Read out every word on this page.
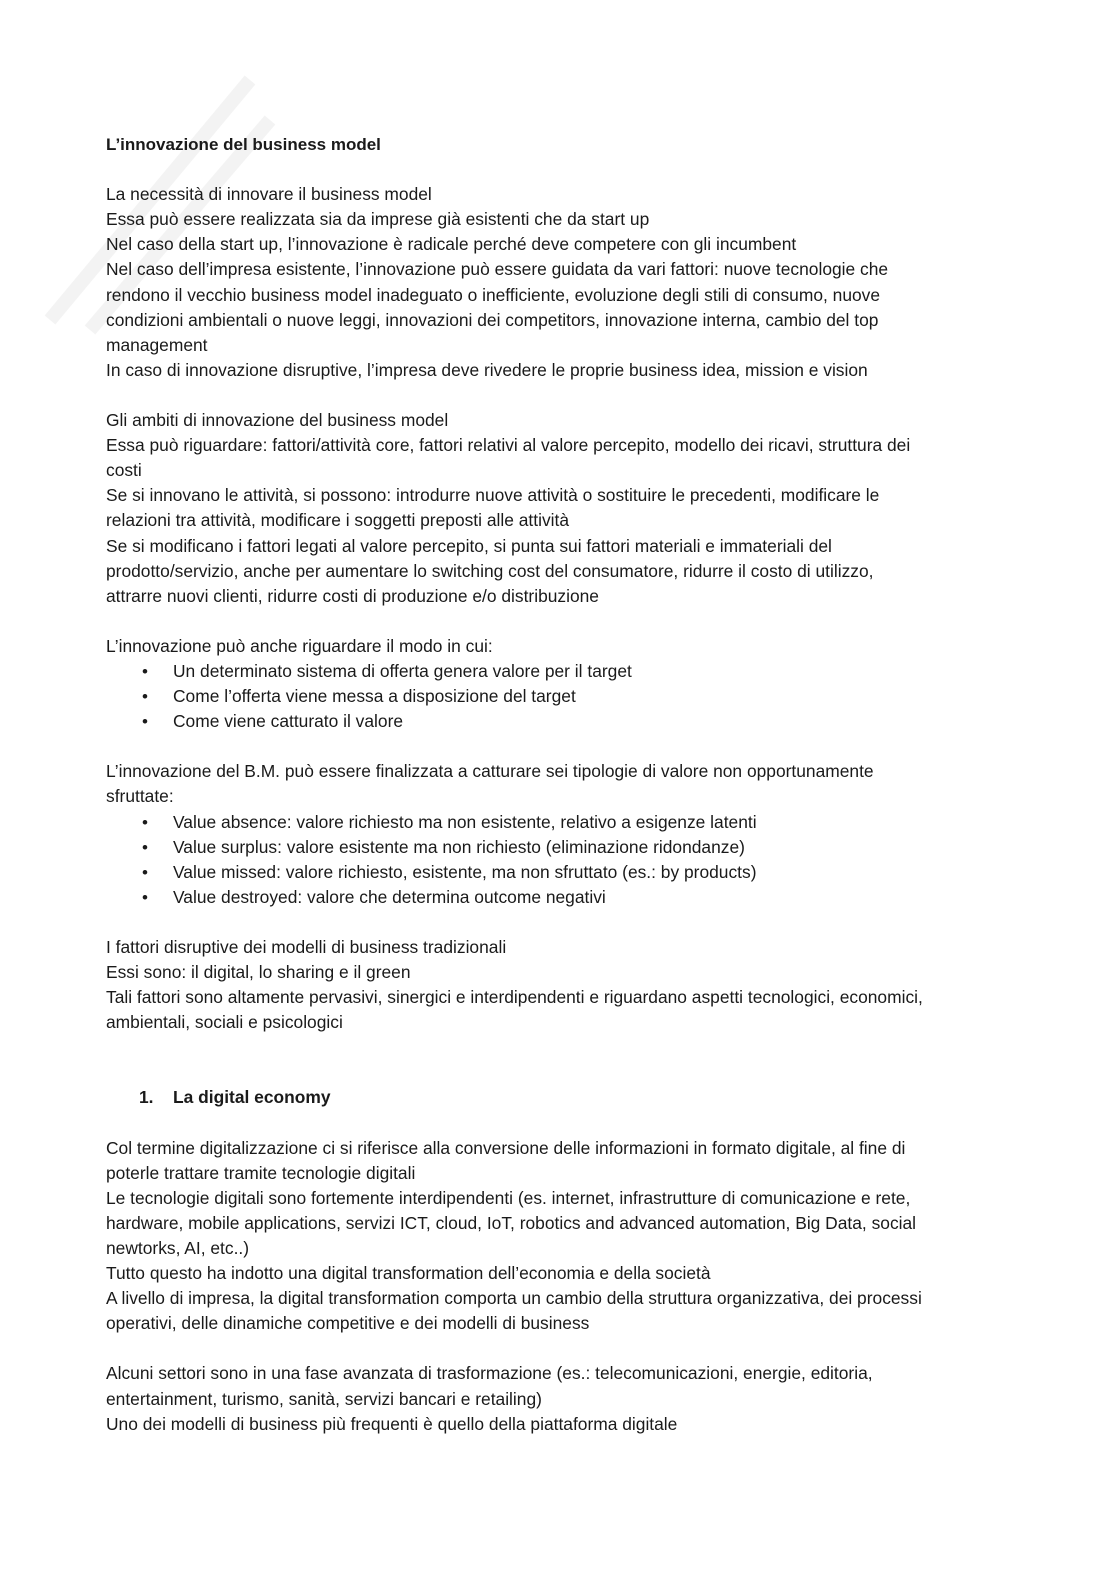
L’innovazione del business model

La necessità di innovare il business model

Essa può essere realizzata sia da imprese già esistenti che da start up

Nel caso della start up, l’innovazione è radicale perché deve competere con gli incumbent

Nel caso dell’impresa esistente, l’innovazione può essere guidata da vari fattori: nuove tecnologie che

rendono il vecchio business model inadeguato o inefficiente, evoluzione degli stili di consumo, nuove

condizioni ambientali o nuove leggi, innovazioni dei competitors, innovazione interna, cambio del top

management

In caso di innovazione disruptive, l’impresa deve rivedere le proprie business idea, mission e vision

Gli ambiti di innovazione del business model

Essa può riguardare: fattori/attività core, fattori relativi al valore percepito, modello dei ricavi, struttura dei

costi

Se si innovano le attività, si possono: introdurre nuove attività o sostituire le precedenti, modificare le

relazioni tra attività, modificare i soggetti preposti alle attività

Se si modificano i fattori legati al valore percepito, si punta sui fattori materiali e immateriali del

prodotto/servizio, anche per aumentare lo switching cost del consumatore, ridurre il costo di utilizzo,

attrarre nuovi clienti, ridurre costi di produzione e/o distribuzione

L’innovazione può anche riguardare il modo in cui:

• Un determinato sistema di offerta genera valore per il target
• Come l’offerta viene messa a disposizione del target
• Come viene catturato il valore

L’innovazione del B.M. può essere finalizzata a catturare sei tipologie di valore non opportunamente

sfruttate:

• Value absence: valore richiesto ma non esistente, relativo a esigenze latenti
• Value surplus: valore esistente ma non richiesto (eliminazione ridondanze)
• Value missed: valore richiesto, esistente, ma non sfruttato (es.: by products)
• Value destroyed: valore che determina outcome negativi

I fattori disruptive dei modelli di business tradizionali

Essi sono: il digital, lo sharing e il green

Tali fattori sono altamente pervasivi, sinergici e interdipendenti e riguardano aspetti tecnologici, economici,

ambientali, sociali e psicologici

1. La digital economy

Col termine digitalizzazione ci si riferisce alla conversione delle informazioni in formato digitale, al fine di

poterle trattare tramite tecnologie digitali

Le tecnologie digitali sono fortemente interdipendenti (es. internet, infrastrutture di comunicazione e rete,

hardware, mobile applications, servizi ICT, cloud, IoT, robotics and advanced automation, Big Data, social

newtorks, AI, etc..)

Tutto questo ha indotto una digital transformation dell’economia e della società

A livello di impresa, la digital transformation comporta un cambio della struttura organizzativa, dei processi

operativi, delle dinamiche competitive e dei modelli di business

Alcuni settori sono in una fase avanzata di trasformazione (es.: telecomunicazioni, energie, editoria,

entertainment, turismo, sanità, servizi bancari e retailing)

Uno dei modelli di business più frequenti è quello della piattaforma digitale
